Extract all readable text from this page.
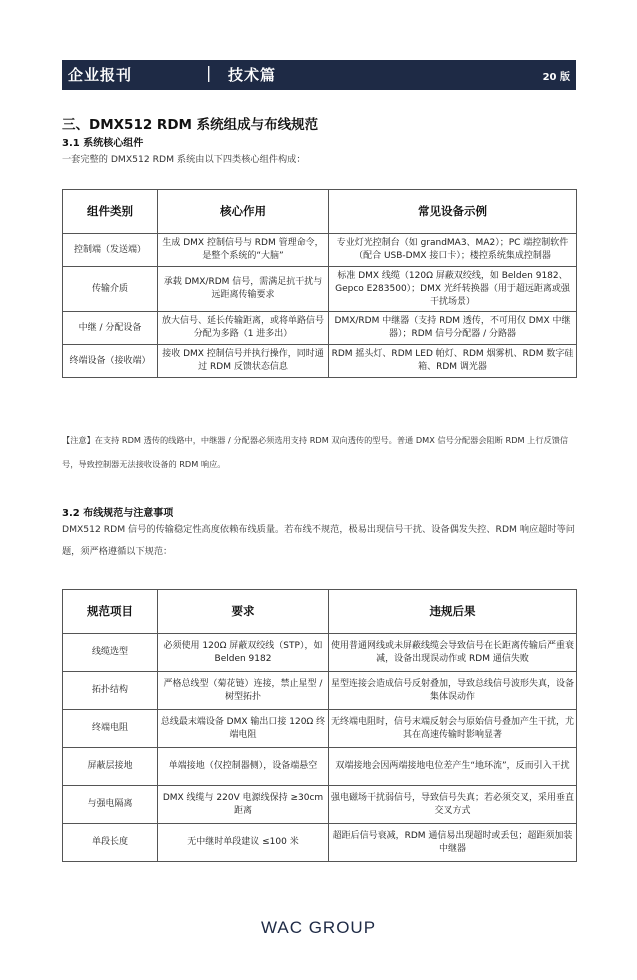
企业报刊	| 技术篇	20 版
三、DMX512 RDM 系统组成与布线规范
3.1 系统核心组件
一套完整的 DMX512 RDM 系统由以下四类核心组件构成：
组件类别	核心作用	常见设备示例
控制端（发送端）	生成 DMX 控制信号与 RDM 管理命令，是整个系统的“大脑”	专业灯光控制台（如 grandMA3、MA2）；PC 端控制软件（配合 USB-DMX 接口卡）；楼控系统集成控制器
传输介质	承载 DMX/RDM 信号，需满足抗干扰与远距离传输要求	标准 DMX 线缆（120Ω 屏蔽双绞线，如 Belden 9182、Gepco E283500）；DMX 光纤转换器（用于超远距离或强干扰场景）
中继 / 分配设备	放大信号、延长传输距离，或将单路信号分配为多路（1 进多出）	DMX/RDM 中继器（支持 RDM 透传，不可用仅 DMX 中继器）；RDM 信号分配器 / 分路器
终端设备（接收端）	接收 DMX 控制信号并执行操作，同时通过 RDM 反馈状态信息	RDM 摇头灯、RDM LED 帕灯、RDM 烟雾机、RDM 数字硅箱、RDM 调光器
【注意】在支持 RDM 透传的线路中，中继器 / 分配器必须选用支持 RDM 双向透传的型号。普通 DMX 信号分配器会阻断 RDM 上行反馈信号，导致控制器无法接收设备的 RDM 响应。
3.2 布线规范与注意事项
DMX512 RDM 信号的传输稳定性高度依赖布线质量。若布线不规范，极易出现信号干扰、设备偶发失控、RDM 响应超时等问题，须严格遵循以下规范：
规范项目	要求	违规后果
线缆选型	必须使用 120Ω 屏蔽双绞线（STP），如 Belden 9182	使用普通网线或未屏蔽线缆会导致信号在长距离传输后严重衰减，设备出现误动作或 RDM 通信失败
拓扑结构	严格总线型（菊花链）连接，禁止星型 / 树型拓扑	星型连接会造成信号反射叠加，导致总线信号波形失真，设备集体误动作
终端电阻	总线最末端设备 DMX 输出口接 120Ω 终端电阻	无终端电阻时，信号末端反射会与原始信号叠加产生干扰，尤其在高速传输时影响显著
屏蔽层接地	单端接地（仅控制器侧），设备端悬空	双端接地会因两端接地电位差产生“地环流”，反而引入干扰
与强电隔离	DMX 线缆与 220V 电源线保持 ≥30cm 距离	强电磁场干扰弱信号，导致信号失真；若必须交叉，采用垂直交叉方式
单段长度	无中继时单段建议 ≤100 米	超距后信号衰减，RDM 通信易出现超时或丢包；超距须加装中继器
WAC GROUP
